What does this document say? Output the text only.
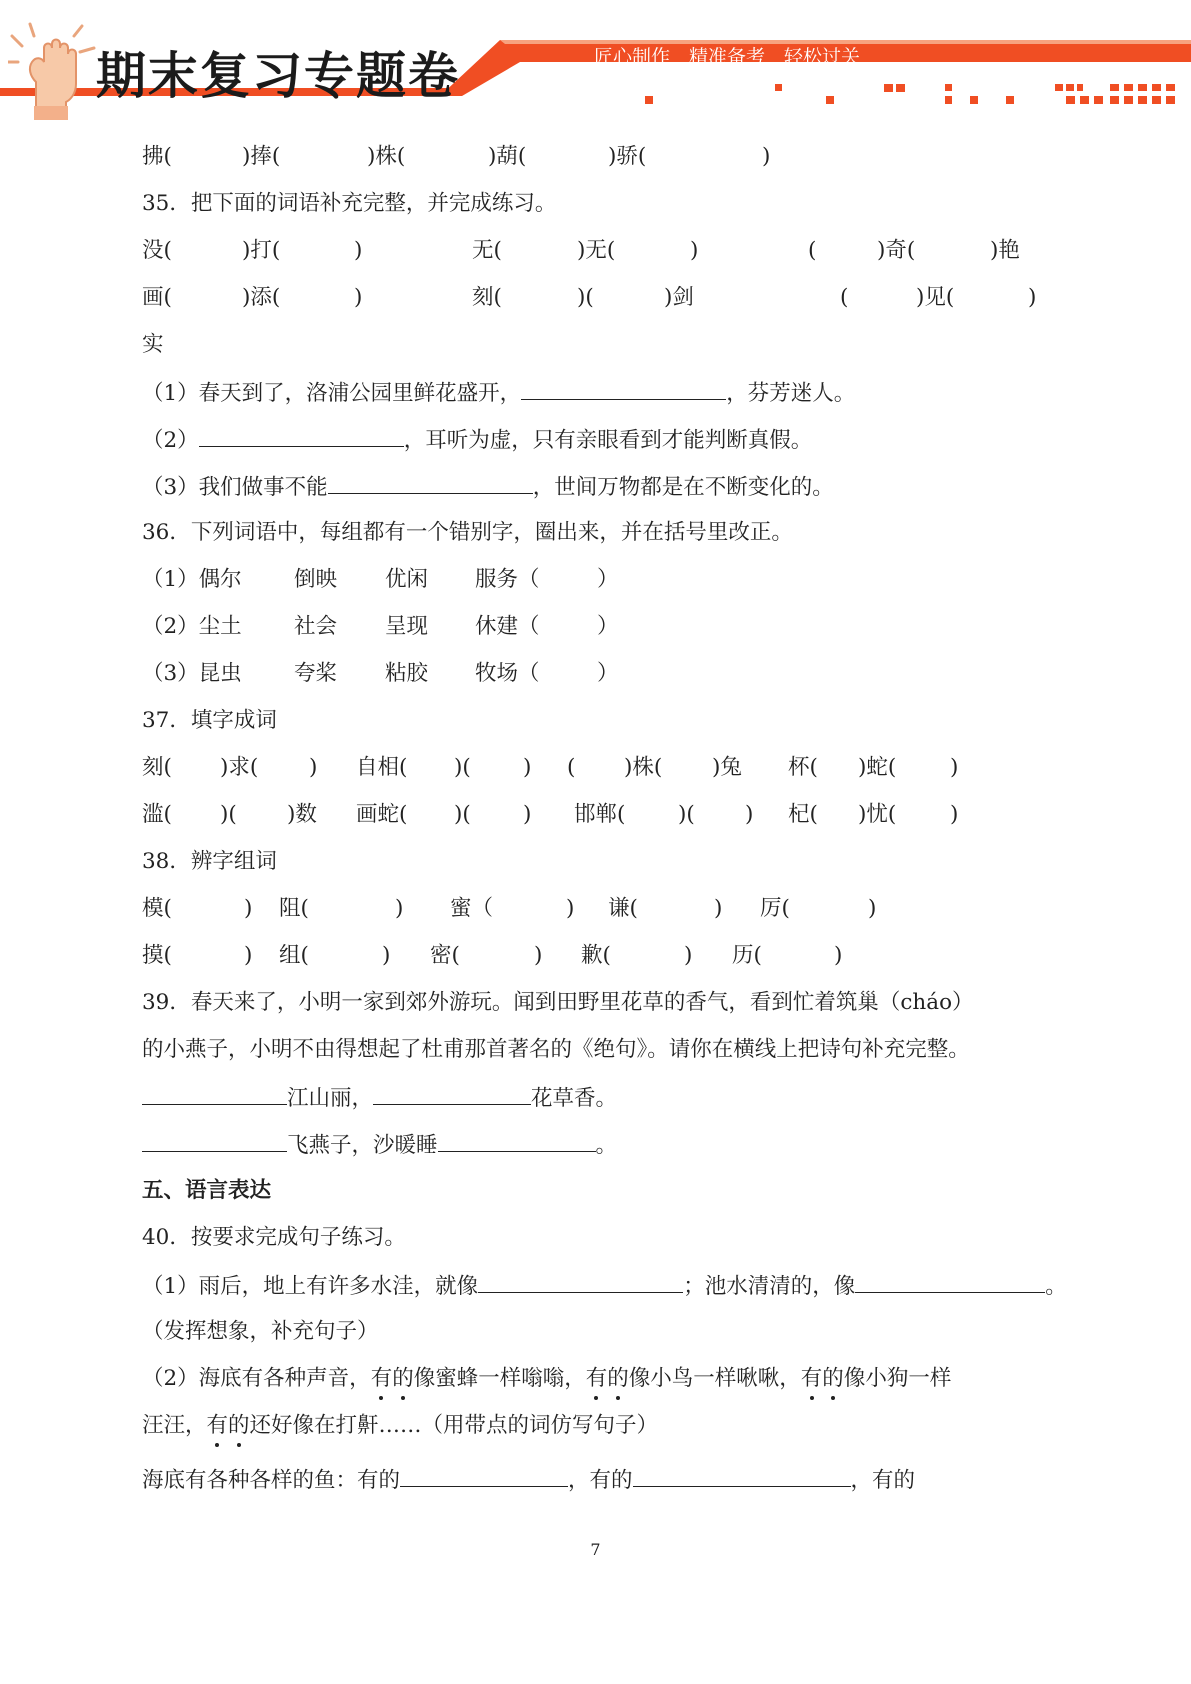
期末复习专题卷	匠心制作　精准备考　轻松过关
拂(	)捧(	)株(	)葫(	)骄(	)
35．把下面的词语补充完整，并完成练习。
没(	)打(	)	无(	)无(	)	(	)奇(	)艳
画(	)添(	)	刻(	)(	)剑	(	)见(	)
实
（1）春天到了，洛浦公园里鲜花盛开，	，芬芳迷人。
（2）	，耳听为虚，只有亲眼看到才能判断真假。
（3）我们做事不能	，世间万物都是在不断变化的。
36．下列词语中，每组都有一个错别字，圈出来，并在括号里改正。
（1）偶尔 倒映 优闲 服务（	）
（2）尘土 社会 呈现 休建（	）
（3）昆虫 夸桨 粘胶 牧场（	）
37．填字成词
刻( )求( ) 自相( )( ) ( )株( )兔 杯( )蛇( )
滥( )( )数 画蛇( )( ) 邯郸( )( ) 杞( )忧( )
38．辨字组词
模(	) 阻(	) 蜜（	) 谦(	) 厉(	)
摸(	) 组(	) 密(	) 歉(	) 历(	)
39．春天来了，小明一家到郊外游玩。闻到田野里花草的香气，看到忙着筑巢（cháo）
的小燕子，小明不由得想起了杜甫那首著名的《绝句》。请你在横线上把诗句补充完整。
江山丽，	花草香。
飞燕子，沙暖睡	。
五、语言表达
40．按要求完成句子练习。
（1）雨后，地上有许多水洼，就像	；池水清清的，像	。
（发挥想象，补充句子）
（2）海底有各种声音，有的像蜜蜂一样嗡嗡，有的像小鸟一样啾啾，有的像小狗一样
汪汪，有的还好像在打鼾……（用带点的词仿写句子）
海底有各种各样的鱼：有的	，有的	，有的
7
